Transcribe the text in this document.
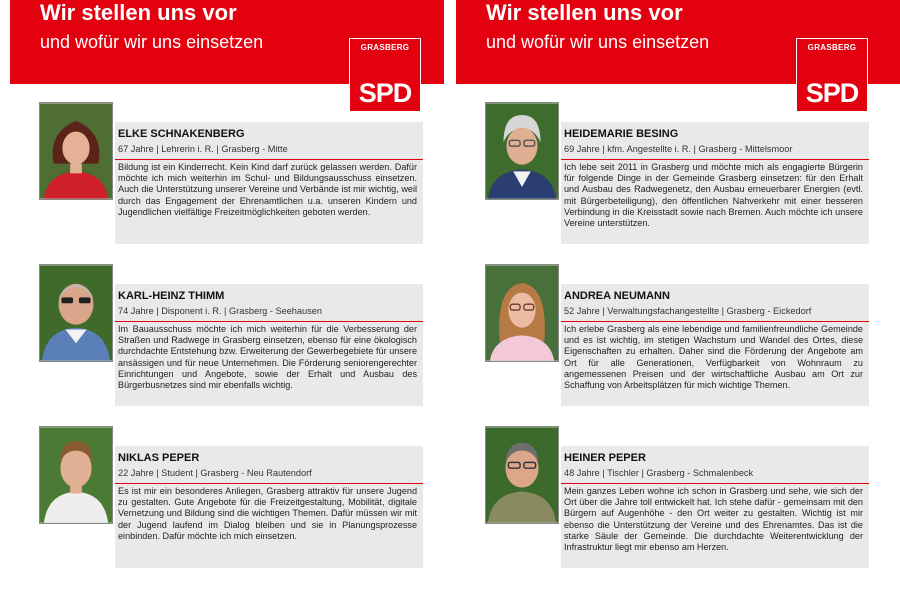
Wir stellen uns vor
und wofür wir uns einsetzen	GRASBERG
SPD
Wir stellen uns vor
und wofür wir uns einsetzen	GRASBERG
SPD
ELKE SCHNAKENBERG
67 Jahre | Lehrerin i. R. | Grasberg - Mitte
Bildung ist ein Kinderrecht. Kein Kind darf zurück gelassen werden. Dafür möchte ich mich weiterhin im Schul- und Bildungsausschuss einsetzen. Auch die Unterstützung unserer Vereine und Verbände ist mir wichtig, weil durch das Engagement der Ehrenamtlichen u.a. unseren Kindern und Jugendlichen vielfältige Freizeitmöglichkeiten geboten werden.
KARL-HEINZ THIMM
74 Jahre | Disponent i. R. | Grasberg - Seehausen
Im Bauausschuss möchte ich mich weiterhin für die Verbesserung der Straßen und Radwege in Grasberg einsetzen, ebenso für eine ökologisch durchdachte Entstehung bzw. Erweiterung der Gewerbegebiete für unsere ansässigen und für neue Unternehmen. Die Förderung seniorengerechter Einrichtungen und Angebote, sowie der Erhalt und Ausbau des Bürgerbusnetzes sind mir ebenfalls wichtig.
NIKLAS PEPER
22 Jahre | Student | Grasberg - Neu Rautendorf
Es ist mir ein besonderes Anliegen, Grasberg attraktiv für unsere Jugend zu gestalten. Gute Angebote für die Freizeitgestaltung, Mobilität, digitale Vernetzung und Bildung sind die wichtigen Themen. Dafür müssen wir mit der Jugend laufend im Dialog bleiben und sie in Planungsprozesse einbinden. Dafür möchte ich mich einsetzen.
HEIDEMARIE BESING
69 Jahre | kfm. Angestellte i. R. | Grasberg - Mittelsmoor
Ich lebe seit 2011 in Grasberg und möchte mich als engagierte Bürgerin für folgende Dinge in der Gemeinde Grasberg einsetzen: für den Erhalt und Ausbau des Radwegenetz, den Ausbau erneuerbarer Energien (evtl. mit Bürgerbeteiligung), den öffentlichen Nahverkehr mit einer besseren Verbindung in die Kreisstadt sowie nach Bremen. Auch möchte ich unsere Vereine unterstützen.
ANDREA NEUMANN
52 Jahre | Verwaltungsfachangestellte | Grasberg - Eickedorf
Ich erlebe Grasberg als eine lebendige und familienfreundliche Gemeinde und es ist wichtig, im stetigen Wachstum und Wandel des Ortes, diese Eigenschaften zu erhalten. Daher sind die Förderung der Angebote am Ort für alle Generationen, Verfügbarkeit von Wohnraum zu angemessenen Preisen und der wirtschaftliche Ausbau am Ort zur Schaffung von Arbeitsplätzen für mich wichtige Themen.
HEINER PEPER
48 Jahre | Tischler | Grasberg - Schmalenbeck
Mein ganzes Leben wohne ich schon in Grasberg und sehe, wie sich der Ort über die Jahre toll entwickelt hat. Ich stehe dafür - gemeinsam mit den Bürgern auf Augenhöhe - den Ort weiter zu gestalten. Wichtig ist mir ebenso die Unterstützung der Vereine und des Ehrenamtes. Das ist die starke Säule der Gemeinde. Die durchdachte Weiterentwicklung der Infrastruktur liegt mir ebenso am Herzen.
